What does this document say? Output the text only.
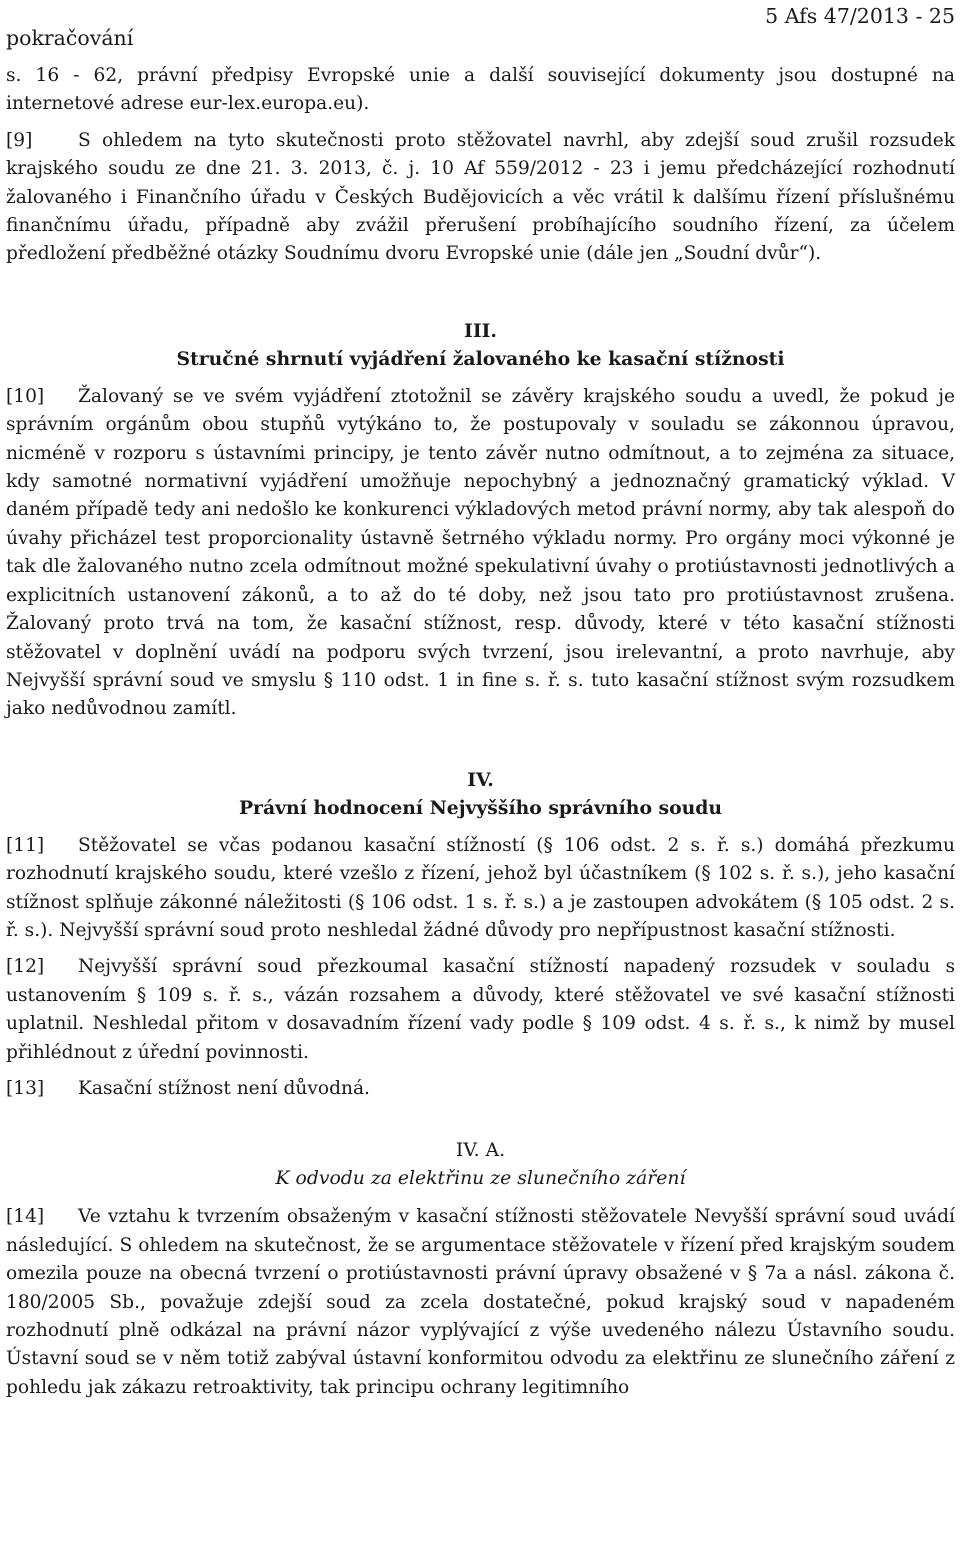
pokračování
5 Afs 47/2013 - 25

s. 16 - 62, právní předpisy Evropské unie a další související dokumenty jsou dostupné na internetové adrese eur-lex.europa.eu).

[9] S ohledem na tyto skutečnosti proto stěžovatel navrhl, aby zdejší soud zrušil rozsudek krajského soudu ze dne 21. 3. 2013, č. j. 10 Af 559/2012 - 23 i jemu předcházející rozhodnutí žalovaného i Finančního úřadu v Českých Budějovicích a věc vrátil k dalšímu řízení příslušnému finančnímu úřadu, případně aby zvážil přerušení probíhajícího soudního řízení, za účelem předložení předběžné otázky Soudnímu dvoru Evropské unie (dále jen „Soudní dvůr“).

III.

Stručné shrnutí vyjádření žalovaného ke kasační stížnosti

[10] Žalovaný se ve svém vyjádření ztotožnil se závěry krajského soudu a uvedl, že pokud je správním orgánům obou stupňů vytýkáno to, že postupovaly v souladu se zákonnou úpravou, nicméně v rozporu s ústavními principy, je tento závěr nutno odmítnout, a to zejména za situace, kdy samotné normativní vyjádření umožňuje nepochybný a jednoznačný gramatický výklad. V daném případě tedy ani nedošlo ke konkurenci výkladových metod právní normy, aby tak alespoň do úvahy přicházel test proporcionality ústavně šetrného výkladu normy. Pro orgány moci výkonné je tak dle žalovaného nutno zcela odmítnout možné spekulativní úvahy o protiústavnosti jednotlivých a explicitních ustanovení zákonů, a to až do té doby, než jsou tato pro protiústavnost zrušena. Žalovaný proto trvá na tom, že kasační stížnost, resp. důvody, které v této kasační stížnosti stěžovatel v doplnění uvádí na podporu svých tvrzení, jsou irelevantní, a proto navrhuje, aby Nejvyšší správní soud ve smyslu § 110 odst. 1 in fine s. ř. s. tuto kasační stížnost svým rozsudkem jako nedůvodnou zamítl.

IV.

Právní hodnocení Nejvyššího správního soudu

[11] Stěžovatel se včas podanou kasační stížností (§ 106 odst. 2 s. ř. s.) domáhá přezkumu rozhodnutí krajského soudu, které vzešlo z řízení, jehož byl účastníkem (§ 102 s. ř. s.), jeho kasační stížnost splňuje zákonné náležitosti (§ 106 odst. 1 s. ř. s.) a je zastoupen advokátem (§ 105 odst. 2 s. ř. s.). Nejvyšší správní soud proto neshledal žádné důvody pro nepřípustnost kasační stížnosti.

[12] Nejvyšší správní soud přezkoumal kasační stížností napadený rozsudek v souladu s ustanovením § 109 s. ř. s., vázán rozsahem a důvody, které stěžovatel ve své kasační stížnosti uplatnil. Neshledal přitom v dosavadním řízení vady podle § 109 odst. 4 s. ř. s., k nimž by musel přihlédnout z úřední povinnosti.

[13] Kasační stížnost není důvodná.

IV. A.

K odvodu za elektřinu ze slunečního záření

[14] Ve vztahu k tvrzením obsaženým v kasační stížnosti stěžovatele Nevyšší správní soud uvádí následující. S ohledem na skutečnost, že se argumentace stěžovatele v řízení před krajským soudem omezila pouze na obecná tvrzení o protiústavnosti právní úpravy obsažené v § 7a a násl. zákona č. 180/2005 Sb., považuje zdejší soud za zcela dostatečné, pokud krajský soud v napadeném rozhodnutí plně odkázal na právní názor vyplývající z výše uvedeného nálezu Ústavního soudu. Ústavní soud se v něm totiž zabýval ústavní konformitou odvodu za elektřinu ze slunečního záření z pohledu jak zákazu retroaktivity, tak principu ochrany legitimního
